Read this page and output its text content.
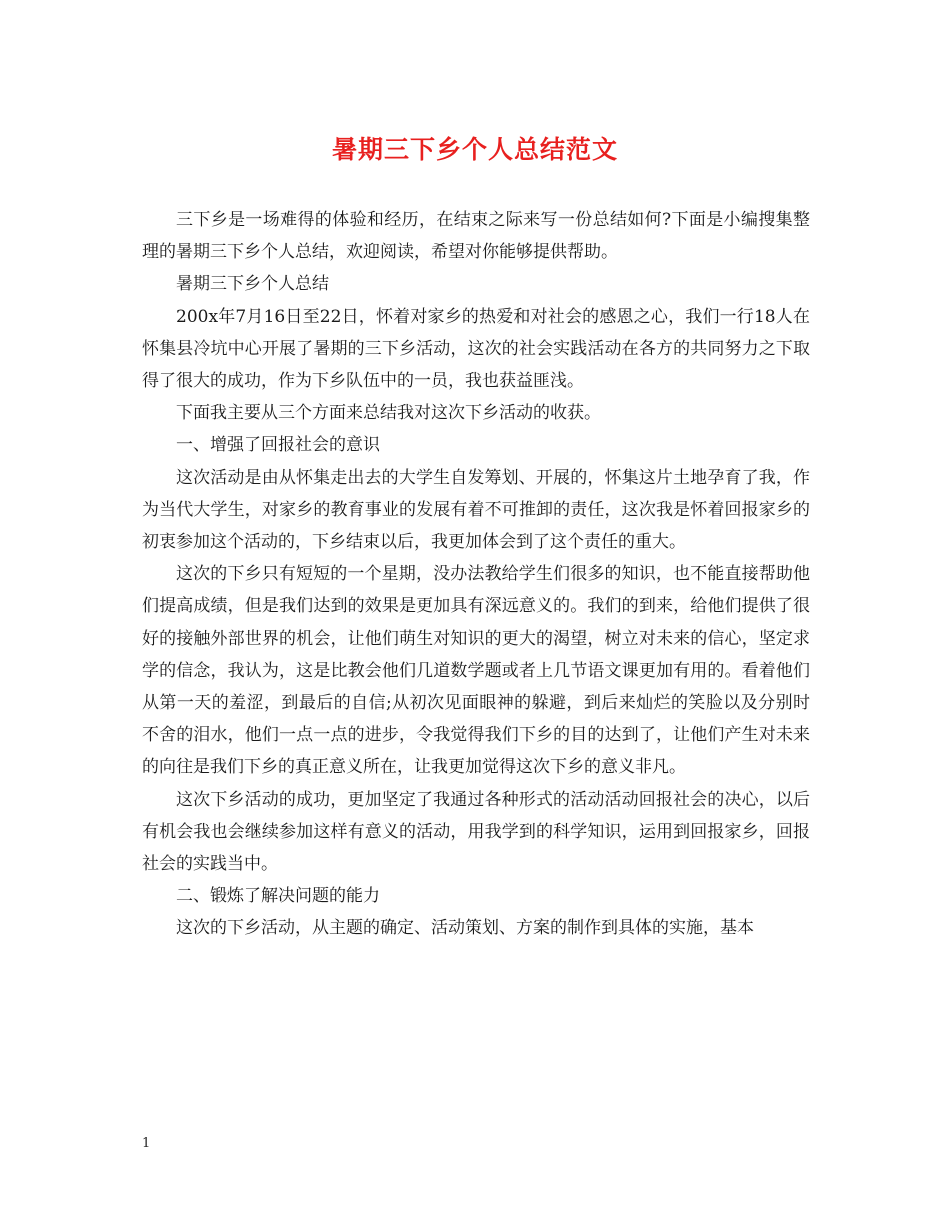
暑期三下乡个人总结范文

三下乡是一场难得的体验和经历，在结束之际来写一份总结如何?下面是小编搜集整理的暑期三下乡个人总结，欢迎阅读，希望对你能够提供帮助。

暑期三下乡个人总结

200x年7月16日至22日，怀着对家乡的热爱和对社会的感恩之心，我们一行18人在怀集县冷坑中心开展了暑期的三下乡活动，这次的社会实践活动在各方的共同努力之下取得了很大的成功，作为下乡队伍中的一员，我也获益匪浅。

下面我主要从三个方面来总结我对这次下乡活动的收获。

一、增强了回报社会的意识

这次活动是由从怀集走出去的大学生自发筹划、开展的，怀集这片土地孕育了我，作为当代大学生，对家乡的教育事业的发展有着不可推卸的责任，这次我是怀着回报家乡的初衷参加这个活动的，下乡结束以后，我更加体会到了这个责任的重大。

这次的下乡只有短短的一个星期，没办法教给学生们很多的知识，也不能直接帮助他们提高成绩，但是我们达到的效果是更加具有深远意义的。我们的到来，给他们提供了很好的接触外部世界的机会，让他们萌生对知识的更大的渴望，树立对未来的信心，坚定求学的信念，我认为，这是比教会他们几道数学题或者上几节语文课更加有用的。看着他们从第一天的羞涩，到最后的自信;从初次见面眼神的躲避，到后来灿烂的笑脸以及分别时不舍的泪水，他们一点一点的进步，令我觉得我们下乡的目的达到了，让他们产生对未来的向往是我们下乡的真正意义所在，让我更加觉得这次下乡的意义非凡。

这次下乡活动的成功，更加坚定了我通过各种形式的活动活动回报社会的决心，以后有机会我也会继续参加这样有意义的活动，用我学到的科学知识，运用到回报家乡，回报社会的实践当中。

二、锻炼了解决问题的能力

这次的下乡活动，从主题的确定、活动策划、方案的制作到具体的实施，基本

1
